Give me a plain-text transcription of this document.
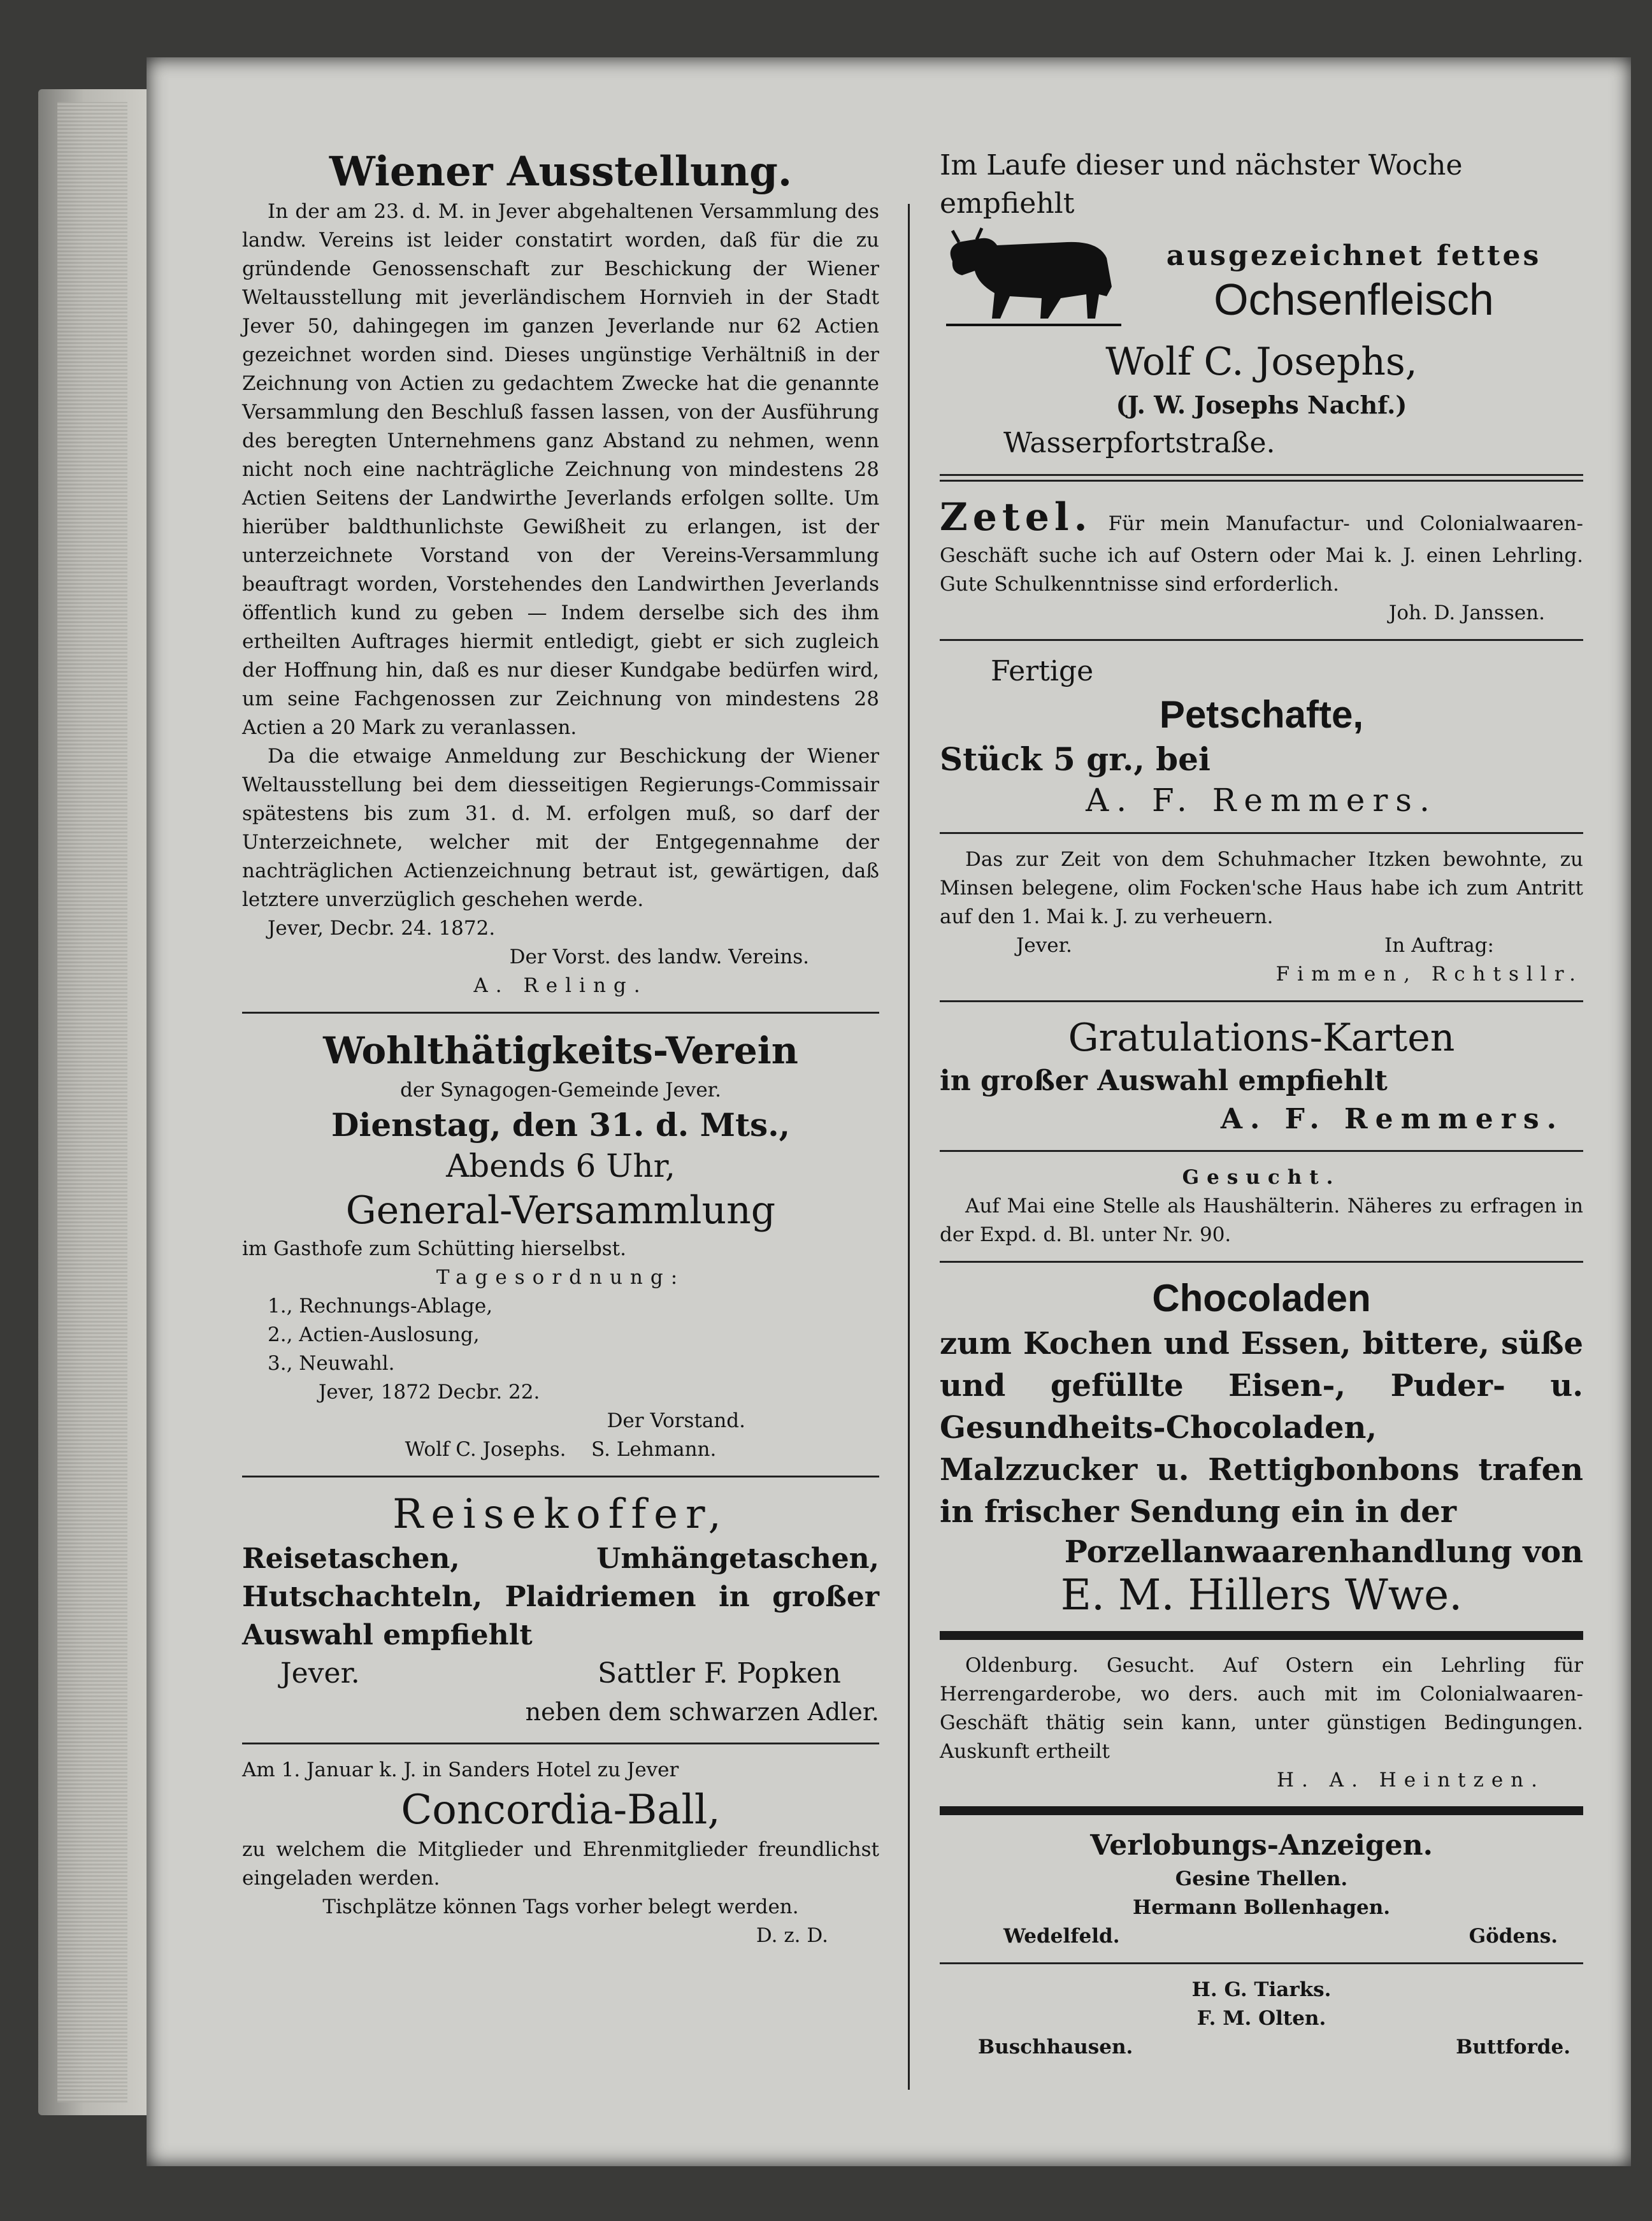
Wiener Ausstellung.

In der am 23. d. M. in Jever abgehaltenen Versammlung des landw. Vereins ist leider constatirt worden, daß für die zu gründende Genossenschaft zur Beschickung der Wiener Weltausstellung mit jeverländischem Hornvieh in der Stadt Jever 50, dahingegen im ganzen Jeverlande nur 62 Actien gezeichnet worden sind. Dieses ungünstige Verhältniß in der Zeichnung von Actien zu gedachtem Zwecke hat die genannte Versammlung den Beschluß fassen lassen, von der Ausführung des beregten Unternehmens ganz Abstand zu nehmen, wenn nicht noch eine nachträgliche Zeichnung von mindestens 28 Actien Seitens der Landwirthe Jeverlands erfolgen sollte. Um hierüber baldthunlichste Gewißheit zu erlangen, ist der unterzeichnete Vorstand von der Vereins-Versammlung beauftragt worden, Vorstehendes den Landwirthen Jeverlands öffentlich kund zu geben — Indem derselbe sich des ihm ertheilten Auftrages hiermit entledigt, giebt er sich zugleich der Hoffnung hin, daß es nur dieser Kundgabe bedürfen wird, um seine Fachgenossen zur Zeichnung von mindestens 28 Actien a 20 Mark zu veranlassen.

Da die etwaige Anmeldung zur Beschickung der Wiener Weltausstellung bei dem diesseitigen Regierungs-Commissair spätestens bis zum 31. d. M. erfolgen muß, so darf der Unterzeichnete, welcher mit der Entgegennahme der nachträglichen Actienzeichnung betraut ist, gewärtigen, daß letztere unverzüglich geschehen werde.

Jever, Decbr. 24. 1872.

Der Vorst. des landw. Vereins.

A. Reling.

Wohlthätigkeits-Verein

der Synagogen-Gemeinde Jever.

Dienstag, den 31. d. Mts.,

Abends 6 Uhr,

General-Versammlung

im Gasthofe zum Schütting hierselbst.

Tagesordnung:

1., Rechnungs-Ablage,

2., Actien-Auslosung,

3., Neuwahl.

Jever, 1872 Decbr. 22.

Der Vorstand.

Wolf C. Josephs. S. Lehmann.

Reisekoffer,

Reisetaschen, Umhängetaschen, Hutschachteln, Plaidriemen in großer Auswahl empfiehlt

Jever.	Sattler F. Popken

neben dem schwarzen Adler.

Am 1. Januar k. J. in Sanders Hotel zu Jever

Concordia-Ball,

zu welchem die Mitglieder und Ehrenmitglieder freundlichst eingeladen werden.

Tischplätze können Tags vorher belegt werden.

D. z. D.

Im Laufe dieser und nächster Woche empfiehlt

ausgezeichnet fettes

Ochsenfleisch

Wolf C. Josephs,

(J. W. Josephs Nachf.)

Wasserpfortstraße.

Zetel. Für mein Manufactur- und Colonialwaaren-Geschäft suche ich auf Ostern oder Mai k. J. einen Lehrling. Gute Schulkenntnisse sind erforderlich.

Joh. D. Janssen.

Fertige

Petschafte,

Stück 5 gr., bei

A. F. Remmers.

Das zur Zeit von dem Schuhmacher Itzken bewohnte, zu Minsen belegene, olim Focken'sche Haus habe ich zum Antritt auf den 1. Mai k. J. zu verheuern.

Jever.	In Auftrag:

Fimmen, Rchtsllr.

Gratulations-Karten

in großer Auswahl empfiehlt

A. F. Remmers.

Gesucht.

Auf Mai eine Stelle als Haushälterin. Näheres zu erfragen in der Expd. d. Bl. unter Nr. 90.

Chocoladen

zum Kochen und Essen, bittere, süße und gefüllte Eisen-, Puder- u. Gesundheits-Chocoladen, Malzzucker u. Rettigbonbons trafen in frischer Sendung ein in der

Porzellanwaarenhandlung von

E. M. Hillers Wwe.

Oldenburg. Gesucht. Auf Ostern ein Lehrling für Herrengarderobe, wo ders. auch mit im Colonialwaaren-Geschäft thätig sein kann, unter günstigen Bedingungen. Auskunft ertheilt

H. A. Heintzen.

Verlobungs-Anzeigen.

Gesine Thellen.

Hermann Bollenhagen.

Wedelfeld.	Gödens.

H. G. Tiarks.

F. M. Olten.

Buschhausen.	Buttforde.
